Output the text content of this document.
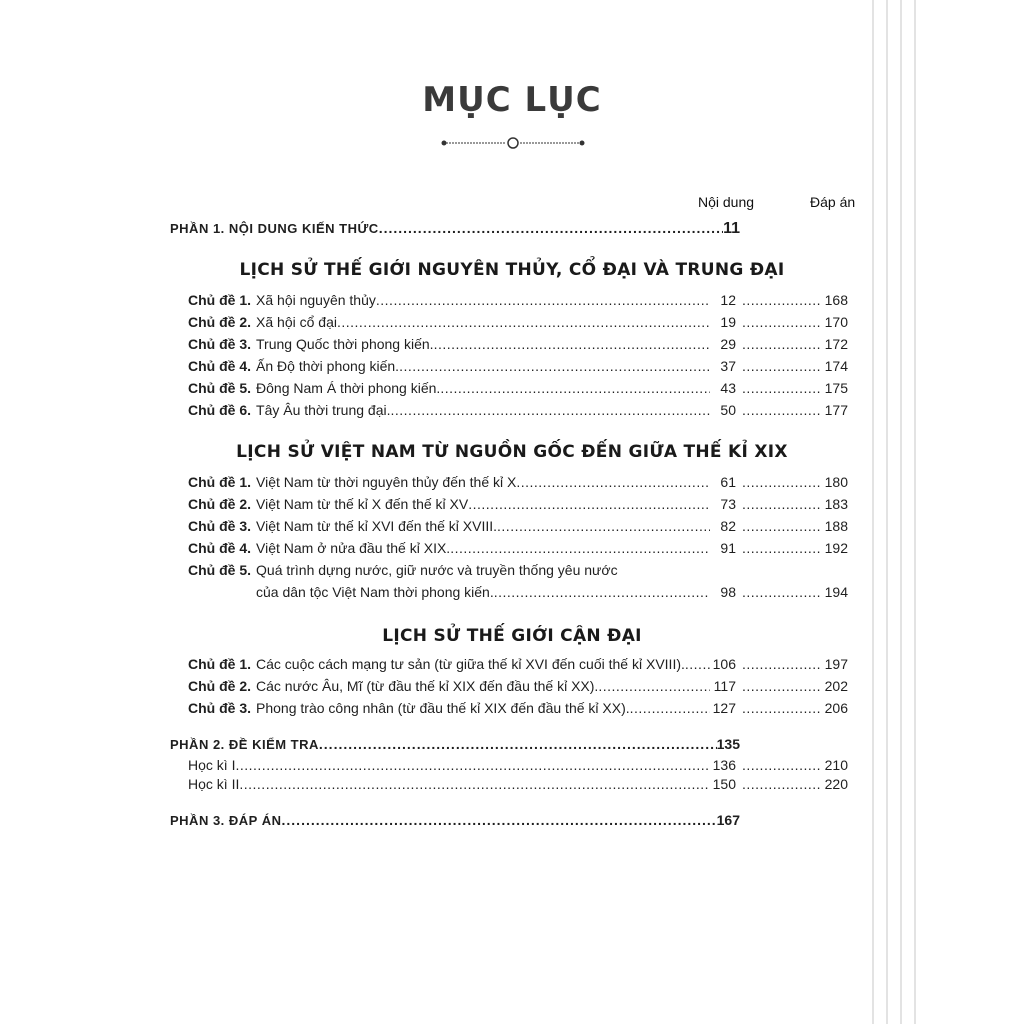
MỤC LỤC
Nội dung	Đáp án
PHẦN 1. NỘI DUNG KIẾN THỨC .....	11
LỊCH SỬ THẾ GIỚI NGUYÊN THỦY, CỔ ĐẠI VÀ TRUNG ĐẠI
Chủ đề 1. Xã hội nguyên thủy .....	12 .....	168
Chủ đề 2. Xã hội cổ đại .....	19 .....	170
Chủ đề 3. Trung Quốc thời phong kiến. .....	29 .....	172
Chủ đề 4. Ấn Độ thời phong kiến. .....	37 .....	174
Chủ đề 5. Đông Nam Á thời phong kiến. .....	43 .....	175
Chủ đề 6. Tây Âu thời trung đại. .....	50 .....	177
LỊCH SỬ VIỆT NAM TỪ NGUỒN GỐC ĐẾN GIỮA THẾ KỈ XIX
Chủ đề 1. Việt Nam từ thời nguyên thủy đến thế kỉ X .....	61 .....	180
Chủ đề 2. Việt Nam từ thế kỉ X đến thế kỉ XV .....	73 .....	183
Chủ đề 3. Việt Nam từ thế kỉ XVI đến thế kỉ XVIII. .....	82 .....	188
Chủ đề 4. Việt Nam ở nửa đầu thế kỉ XIX. .....	91 .....	192
Chủ đề 5. Quá trình dựng nước, giữ nước và truyền thống yêu nước
của dân tộc Việt Nam thời phong kiến. .....	98 .....	194
LỊCH SỬ THẾ GIỚI CẬN ĐẠI
Chủ đề 1. Các cuộc cách mạng tư sản (từ giữa thế kỉ XVI đến cuối thế kỉ XVIII). ..... 106 .....	197
Chủ đề 2. Các nước Âu, Mĩ (từ đầu thế kỉ XIX đến đầu thế kỉ XX). .....	117 .....	202
Chủ đề 3. Phong trào công nhân (từ đầu thế kỉ XIX đến đầu thế kỉ XX). .....	127 .....	206
PHẦN 2. ĐỀ KIỂM TRA .....	135
Học kì I .....	136 .....	210
Học kì II .....	150 .....	220
PHẦN 3. ĐÁP ÁN .....	167
